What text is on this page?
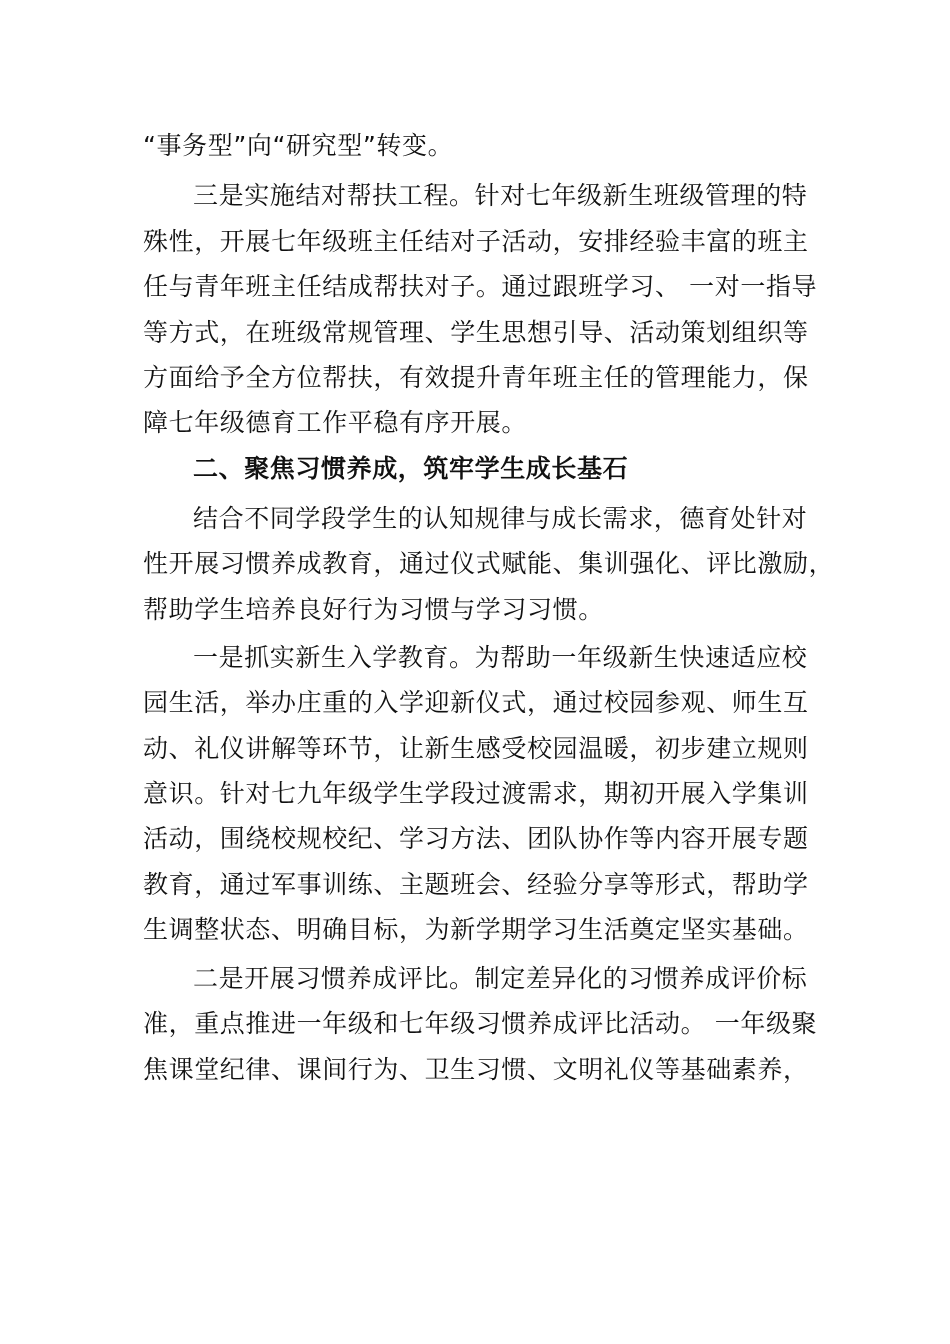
“事务型”向“研究型”转变。
三是实施结对帮扶工程。针对七年级新生班级管理的特
殊性，开展七年级班主任结对子活动，安排经验丰富的班主
任与青年班主任结成帮扶对子。通过跟班学习、 一对一指导
等方式，在班级常规管理、学生思想引导、活动策划组织等
方面给予全方位帮扶，有效提升青年班主任的管理能力，保
障七年级德育工作平稳有序开展。
二、聚焦习惯养成，筑牢学生成长基石
结合不同学段学生的认知规律与成长需求，德育处针对
性开展习惯养成教育，通过仪式赋能、集训强化、评比激励，
帮助学生培养良好行为习惯与学习习惯。
一是抓实新生入学教育。为帮助一年级新生快速适应校
园生活，举办庄重的入学迎新仪式，通过校园参观、师生互
动、礼仪讲解等环节，让新生感受校园温暖，初步建立规则
意识。针对七九年级学生学段过渡需求，期初开展入学集训
活动，围绕校规校纪、学习方法、团队协作等内容开展专题
教育，通过军事训练、主题班会、经验分享等形式，帮助学
生调整状态、明确目标，为新学期学习生活奠定坚实基础。
二是开展习惯养成评比。制定差异化的习惯养成评价标
准，重点推进一年级和七年级习惯养成评比活动。 一年级聚
焦课堂纪律、课间行为、卫生习惯、文明礼仪等基础素养，
